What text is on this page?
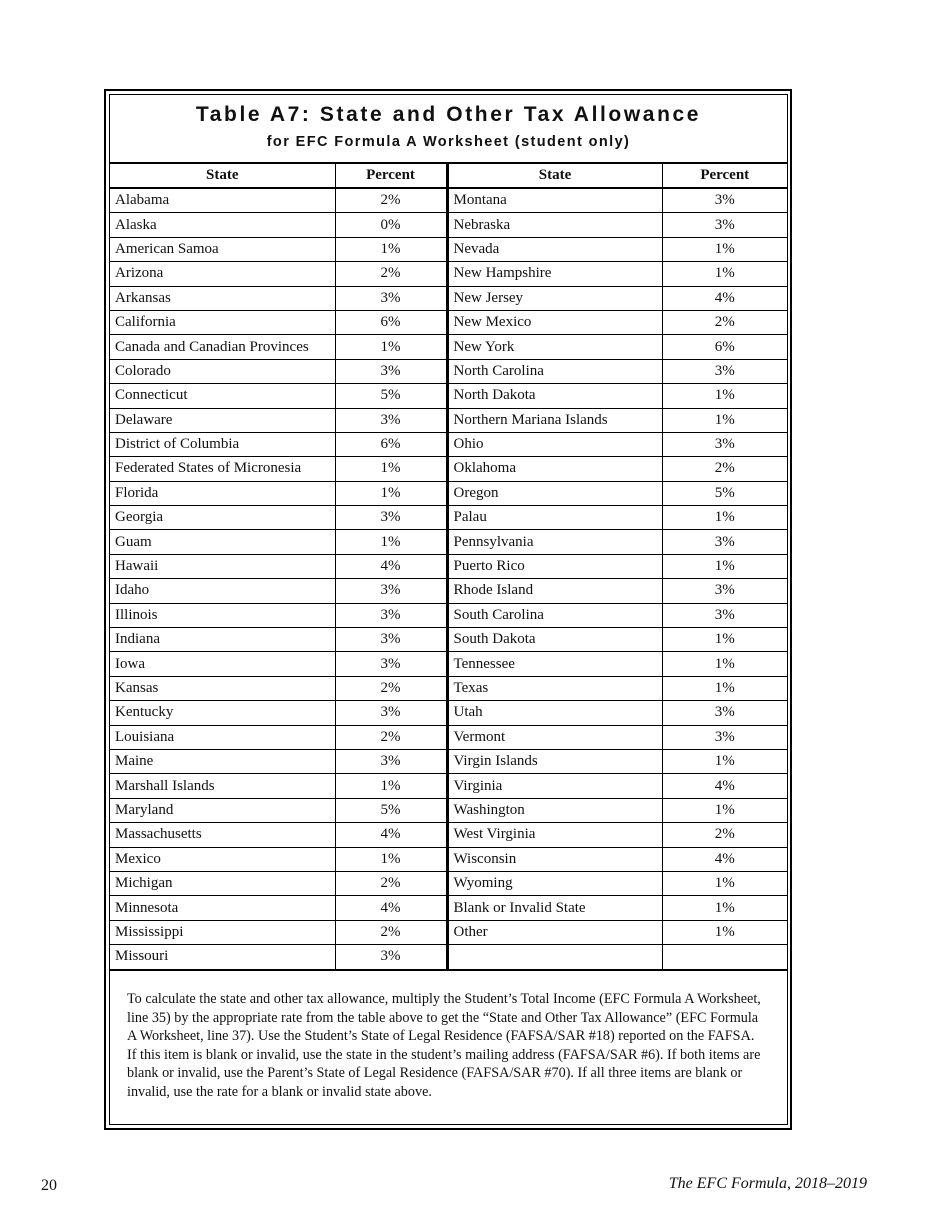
Table A7: State and Other Tax Allowance
for EFC Formula A Worksheet (student only)
State	Percent	State	Percent
Alabama	2%	Montana	3%
Alaska	0%	Nebraska	3%
American Samoa	1%	Nevada	1%
Arizona	2%	New Hampshire	1%
Arkansas	3%	New Jersey	4%
California	6%	New Mexico	2%
Canada and Canadian Provinces	1%	New York	6%
Colorado	3%	North Carolina	3%
Connecticut	5%	North Dakota	1%
Delaware	3%	Northern Mariana Islands	1%
District of Columbia	6%	Ohio	3%
Federated States of Micronesia	1%	Oklahoma	2%
Florida	1%	Oregon	5%
Georgia	3%	Palau	1%
Guam	1%	Pennsylvania	3%
Hawaii	4%	Puerto Rico	1%
Idaho	3%	Rhode Island	3%
Illinois	3%	South Carolina	3%
Indiana	3%	South Dakota	1%
Iowa	3%	Tennessee	1%
Kansas	2%	Texas	1%
Kentucky	3%	Utah	3%
Louisiana	2%	Vermont	3%
Maine	3%	Virgin Islands	1%
Marshall Islands	1%	Virginia	4%
Maryland	5%	Washington	1%
Massachusetts	4%	West Virginia	2%
Mexico	1%	Wisconsin	4%
Michigan	2%	Wyoming	1%
Minnesota	4%	Blank or Invalid State	1%
Mississippi	2%	Other	1%
Missouri	3%		
To calculate the state and other tax allowance, multiply the Student’s Total Income (EFC Formula A Worksheet, line 35) by the appropriate rate from the table above to get the “State and Other Tax Allowance” (EFC Formula A Worksheet, line 37). Use the Student’s State of Legal Residence (FAFSA/SAR #18) reported on the FAFSA. If this item is blank or invalid, use the state in the student’s mailing address (FAFSA/SAR #6). If both items are blank or invalid, use the Parent’s State of Legal Residence (FAFSA/SAR #70). If all three items are blank or invalid, use the rate for a blank or invalid state above.
20	The EFC Formula, 2018–2019
